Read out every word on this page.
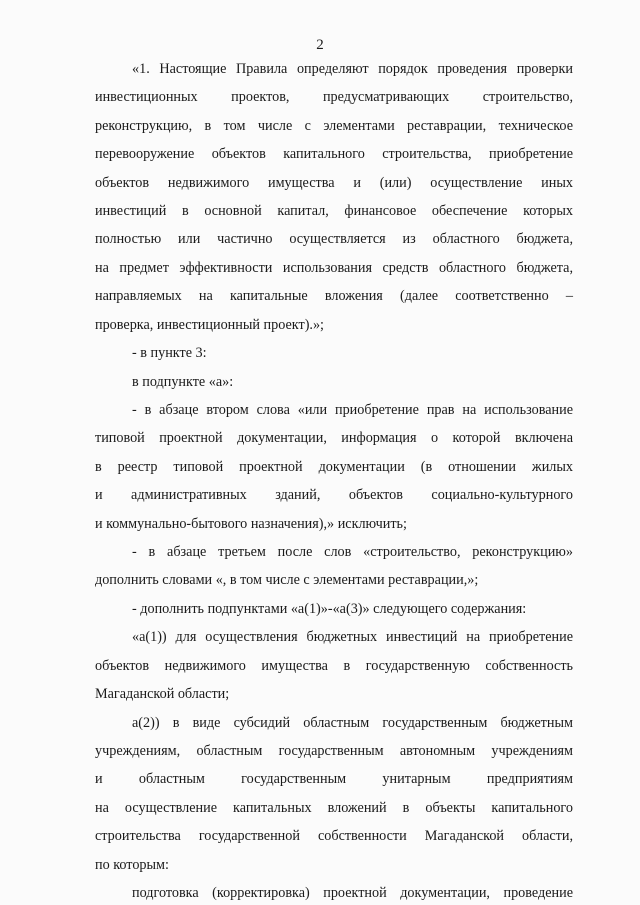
2

«1. Настоящие Правила определяют порядок проведения проверки

инвестиционных проектов, предусматривающих строительство,

реконструкцию, в том числе с элементами реставрации, техническое

перевооружение объектов капитального строительства, приобретение

объектов недвижимого имущества и (или) осуществление иных

инвестиций в основной капитал, финансовое обеспечение которых

полностью или частично осуществляется из областного бюджета,

на предмет эффективности использования средств областного бюджета,

направляемых на капитальные вложения (далее соответственно –

проверка, инвестиционный проект).»;

- в пункте 3:

в подпункте «а»:

- в абзаце втором слова «или приобретение прав на использование

типовой проектной документации, информация о которой включена

в реестр типовой проектной документации (в отношении жилых

и административных зданий, объектов социально-культурного

и коммунально-бытового назначения),» исключить;

- в абзаце третьем после слов «строительство, реконструкцию»

дополнить словами «, в том числе с элементами реставрации,»;

- дополнить подпунктами «а(1)»-«а(3)» следующего содержания:

«а(1)) для осуществления бюджетных инвестиций на приобретение

объектов недвижимого имущества в государственную собственность

Магаданской области;

а(2)) в виде субсидий областным государственным бюджетным

учреждениям, областным государственным автономным учреждениям

и областным государственным унитарным предприятиям

на осуществление капитальных вложений в объекты капитального

строительства государственной собственности Магаданской области,

по которым:

подготовка (корректировка) проектной документации, проведение
